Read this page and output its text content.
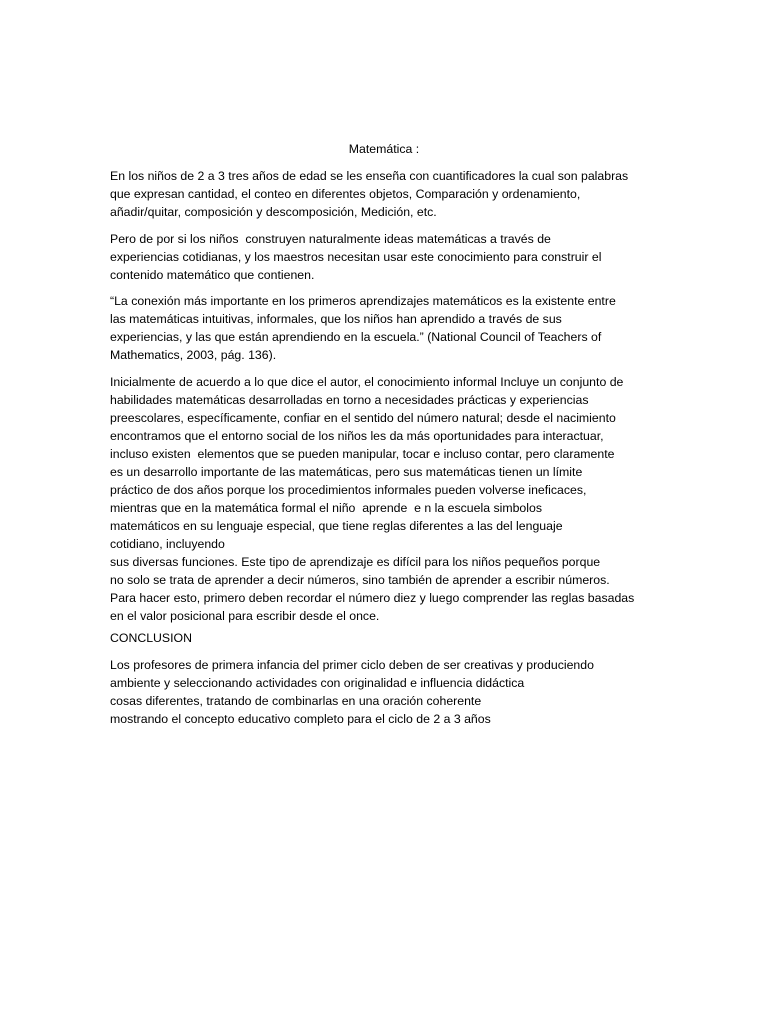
Matemática :

En los niños de 2 a 3 tres años de edad se les enseña con cuantificadores la cual son palabras
que expresan cantidad, el conteo en diferentes objetos, Comparación y ordenamiento,
añadir/quitar, composición y descomposición, Medición, etc.
Pero de por si los niños  construyen naturalmente ideas matemáticas a través de
experiencias cotidianas, y los maestros necesitan usar este conocimiento para construir el
contenido matemático que contienen.
“La conexión más importante en los primeros aprendizajes matemáticos es la existente entre
las matemáticas intuitivas, informales, que los niños han aprendido a través de sus
experiencias, y las que están aprendiendo en la escuela.” (National Council of Teachers of
Mathematics, 2003, pág. 136).
Inicialmente de acuerdo a lo que dice el autor, el conocimiento informal Incluye un conjunto de
habilidades matemáticas desarrolladas en torno a necesidades prácticas y experiencias
preescolares, específicamente, confiar en el sentido del número natural; desde el nacimiento
encontramos que el entorno social de los niños les da más oportunidades para interactuar,
incluso existen  elementos que se pueden manipular, tocar e incluso contar, pero claramente
es un desarrollo importante de las matemáticas, pero sus matemáticas tienen un límite
práctico de dos años porque los procedimientos informales pueden volverse ineficaces,
mientras que en la matemática formal el niño  aprende  e n la escuela simbolos
matemáticos en su lenguaje especial, que tiene reglas diferentes a las del lenguaje
cotidiano, incluyendo
sus diversas funciones. Este tipo de aprendizaje es difícil para los niños pequeños porque
no solo se trata de aprender a decir números, sino también de aprender a escribir números.
Para hacer esto, primero deben recordar el número diez y luego comprender las reglas basadas
en el valor posicional para escribir desde el once.
CONCLUSION
Los profesores de primera infancia del primer ciclo deben de ser creativas y produciendo
ambiente y seleccionando actividades con originalidad e influencia didáctica
cosas diferentes, tratando de combinarlas en una oración coherente
mostrando el concepto educativo completo para el ciclo de 2 a 3 años
